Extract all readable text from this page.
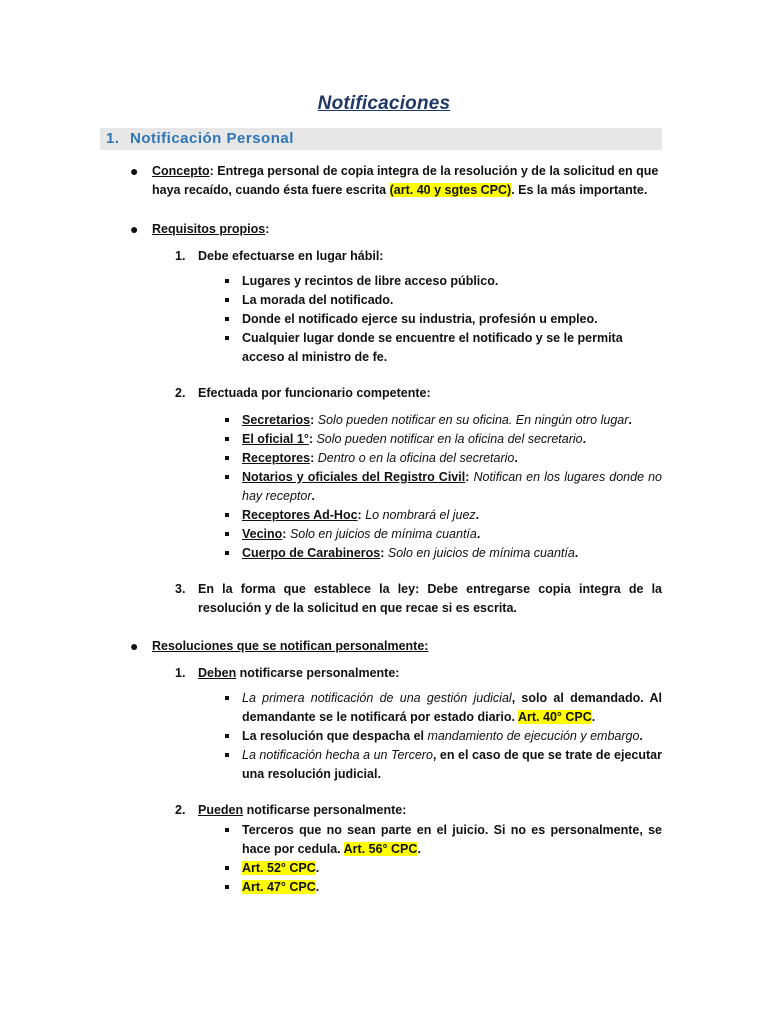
Notificaciones
1. Notificación Personal
● Concepto: Entrega personal de copia integra de la resolución y de la solicitud en que haya recaído, cuando ésta fuere escrita (art. 40 y sgtes CPC). Es la más importante.
● Requisitos propios:
1. Debe efectuarse en lugar hábil:
Lugares y recintos de libre acceso público.
La morada del notificado.
Donde el notificado ejerce su industria, profesión u empleo.
Cualquier lugar donde se encuentre el notificado y se le permita acceso al ministro de fe.
2. Efectuada por funcionario competente:
Secretarios: Solo pueden notificar en su oficina. En ningún otro lugar.
El oficial 1°: Solo pueden notificar en la oficina del secretario.
Receptores: Dentro o en la oficina del secretario.
Notarios y oficiales del Registro Civil: Notifican en los lugares donde no hay receptor.
Receptores Ad-Hoc: Lo nombrará el juez.
Vecino: Solo en juicios de mínima cuantía.
Cuerpo de Carabineros: Solo en juicios de mínima cuantía.
3. En la forma que establece la ley: Debe entregarse copia integra de la resolución y de la solicitud en que recae si es escrita.
● Resoluciones que se notifican personalmente:
1. Deben notificarse personalmente:
La primera notificación de una gestión judicial, solo al demandado. Al demandante se le notificará por estado diario. Art. 40° CPC.
La resolución que despacha el mandamiento de ejecución y embargo.
La notificación hecha a un Tercero, en el caso de que se trate de ejecutar una resolución judicial.
2. Pueden notificarse personalmente:
Terceros que no sean parte en el juicio. Si no es personalmente, se hace por cedula. Art. 56° CPC.
Art. 52° CPC.
Art. 47° CPC.
